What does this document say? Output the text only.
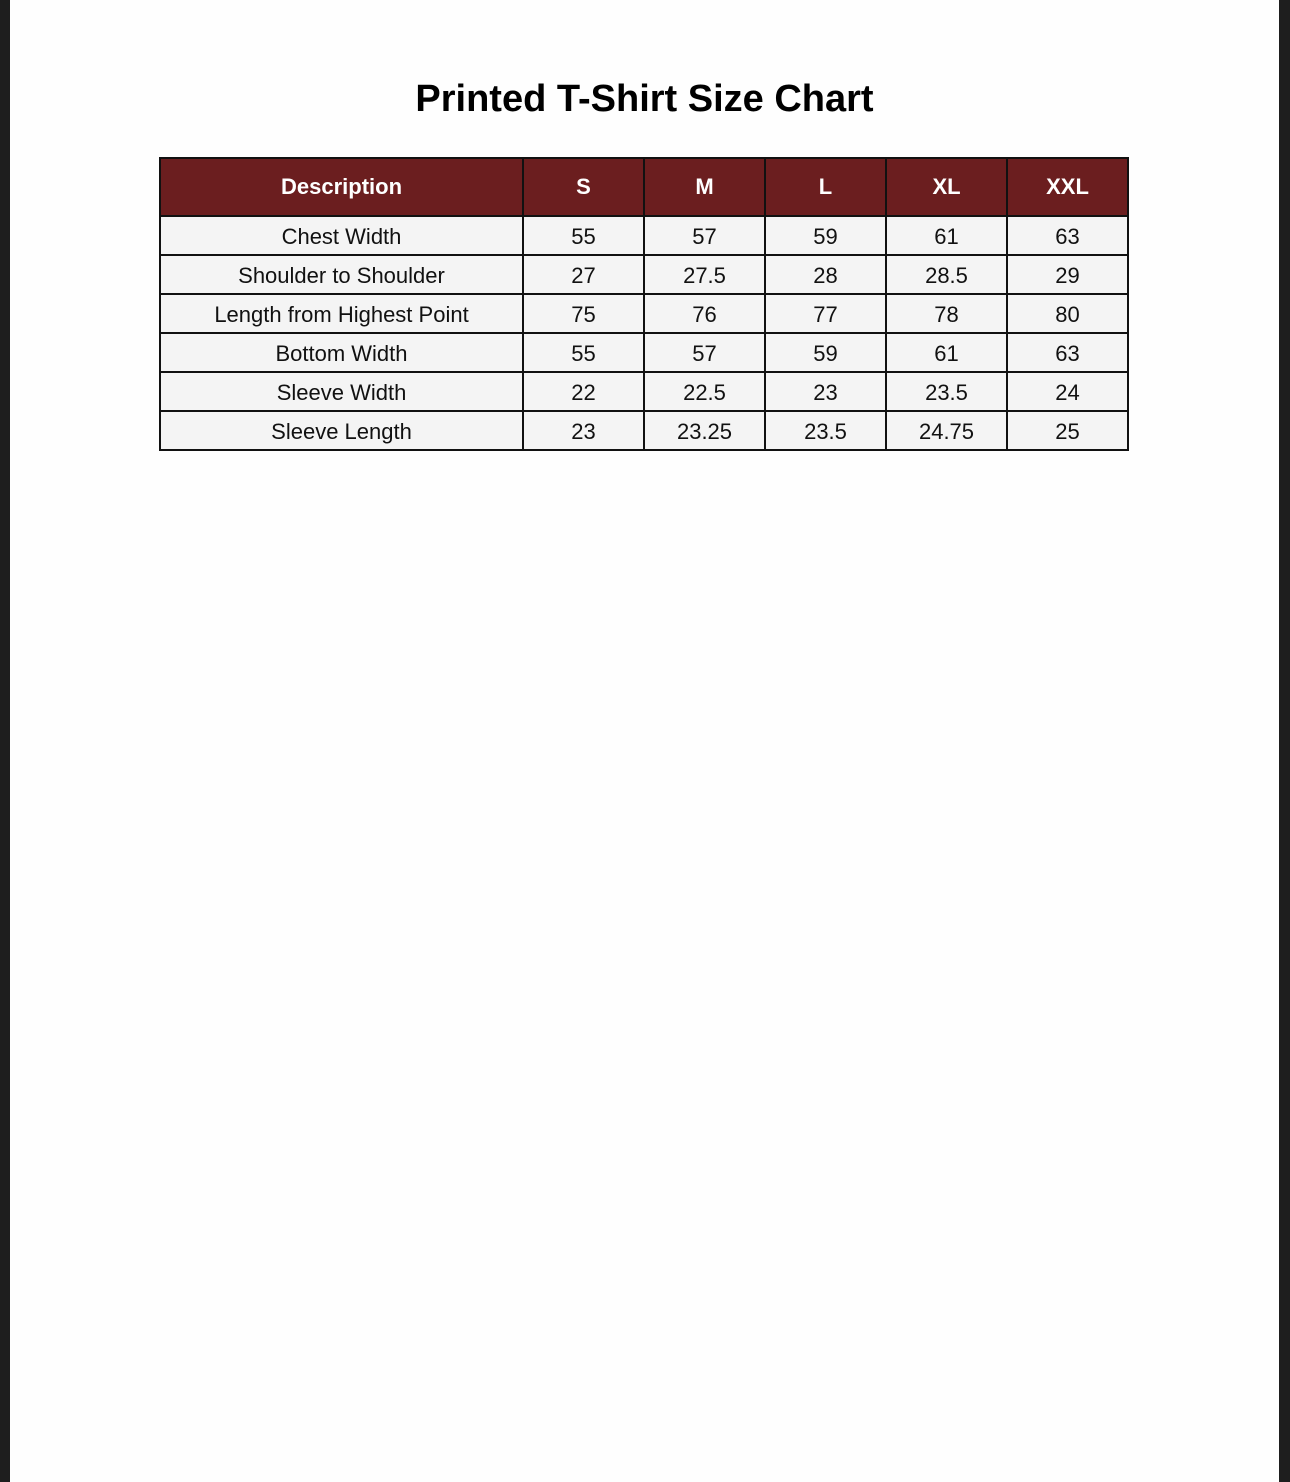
Printed T-Shirt Size Chart
Description	S	M	L	XL	XXL
Chest Width	55	57	59	61	63
Shoulder to Shoulder	27	27.5	28	28.5	29
Length from Highest Point	75	76	77	78	80
Bottom Width	55	57	59	61	63
Sleeve Width	22	22.5	23	23.5	24
Sleeve Length	23	23.25	23.5	24.75	25
